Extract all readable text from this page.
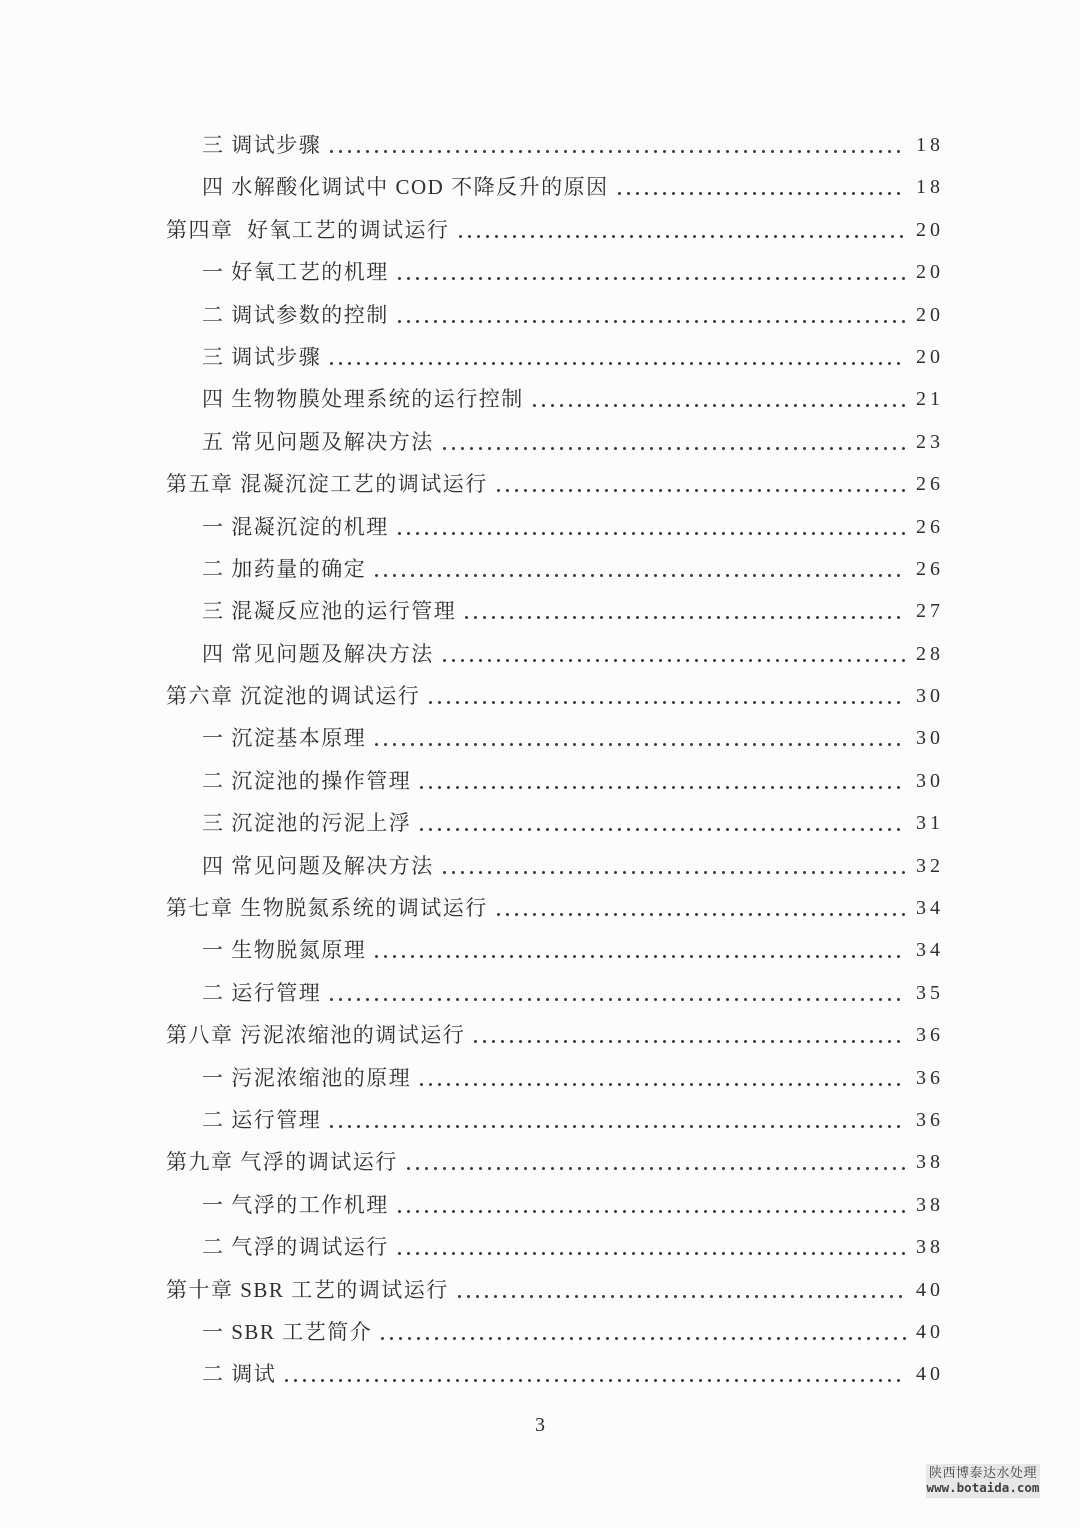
三 调试步骤	18
四 水解酸化调试中 COD 不降反升的原因	18
第四章  好氧工艺的调试运行	20
一 好氧工艺的机理	20
二 调试参数的控制	20
三 调试步骤	20
四 生物物膜处理系统的运行控制	21
五 常见问题及解决方法	23
第五章 混凝沉淀工艺的调试运行	26
一 混凝沉淀的机理	26
二 加药量的确定	26
三 混凝反应池的运行管理	27
四 常见问题及解决方法	28
第六章 沉淀池的调试运行	30
一 沉淀基本原理	30
二 沉淀池的操作管理	30
三 沉淀池的污泥上浮	31
四 常见问题及解决方法	32
第七章 生物脱氮系统的调试运行	34
一 生物脱氮原理	34
二 运行管理	35
第八章 污泥浓缩池的调试运行	36
一 污泥浓缩池的原理	36
二 运行管理	36
第九章 气浮的调试运行	38
一 气浮的工作机理	38
二 气浮的调试运行	38
第十章 SBR 工艺的调试运行	40
一 SBR 工艺简介	40
二 调试	40
3
陕西博泰达水处理
www.botaida.com
